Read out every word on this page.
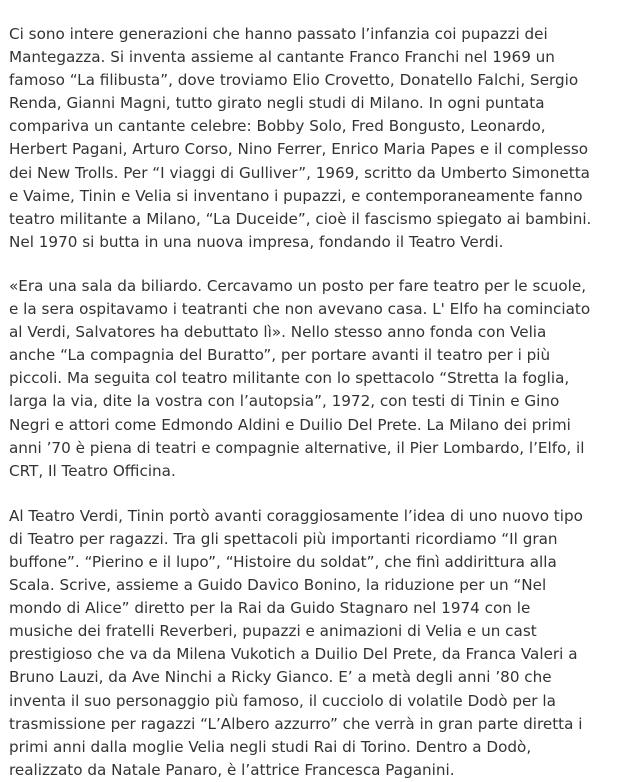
Ci sono intere generazioni che hanno passato l’infanzia coi pupazzi dei
Mantegazza. Si inventa assieme al cantante Franco Franchi nel 1969 un
famoso “La filibusta”, dove troviamo Elio Crovetto, Donatello Falchi, Sergio
Renda, Gianni Magni, tutto girato negli studi di Milano. In ogni puntata
compariva un cantante celebre: Bobby Solo, Fred Bongusto, Leonardo,
Herbert Pagani, Arturo Corso, Nino Ferrer, Enrico Maria Papes e il complesso
dei New Trolls. Per “I viaggi di Gulliver”, 1969, scritto da Umberto Simonetta
e Vaime, Tinin e Velia si inventano i pupazzi, e contemporaneamente fanno
teatro militante a Milano, “La Duceide”, cioè il fascismo spiegato ai bambini.
Nel 1970 si butta in una nuova impresa, fondando il Teatro Verdi.

«Era una sala da biliardo. Cercavamo un posto per fare teatro per le scuole,
e la sera ospitavamo i teatranti che non avevano casa. L' Elfo ha cominciato
al Verdi, Salvatores ha debuttato lì». Nello stesso anno fonda con Velia
anche “La compagnia del Buratto”, per portare avanti il teatro per i più
piccoli. Ma seguita col teatro militante con lo spettacolo “Stretta la foglia,
larga la via, dite la vostra con l’autopsia”, 1972, con testi di Tinin e Gino
Negri e attori come Edmondo Aldini e Duilio Del Prete. La Milano dei primi
anni ’70 è piena di teatri e compagnie alternative, il Pier Lombardo, l’Elfo, il
CRT, Il Teatro Officina.

Al Teatro Verdi, Tinin portò avanti coraggiosamente l’idea di uno nuovo tipo
di Teatro per ragazzi. Tra gli spettacoli più importanti ricordiamo “Il gran
buffone”. “Pierino e il lupo”, “Histoire du soldat”, che finì addirittura alla
Scala. Scrive, assieme a Guido Davico Bonino, la riduzione per un “Nel
mondo di Alice” diretto per la Rai da Guido Stagnaro nel 1974 con le
musiche dei fratelli Reverberi, pupazzi e animazioni di Velia e un cast
prestigioso che va da Milena Vukotich a Duilio Del Prete, da Franca Valeri a
Bruno Lauzi, da Ave Ninchi a Ricky Gianco. E’ a metà degli anni ’80 che
inventa il suo personaggio più famoso, il cucciolo di volatile Dodò per la
trasmissione per ragazzi “L’Albero azzurro” che verrà in gran parte diretta i
primi anni dalla moglie Velia negli studi Rai di Torino. Dentro a Dodò,
realizzato da Natale Panaro, è l’attrice Francesca Paganini.
